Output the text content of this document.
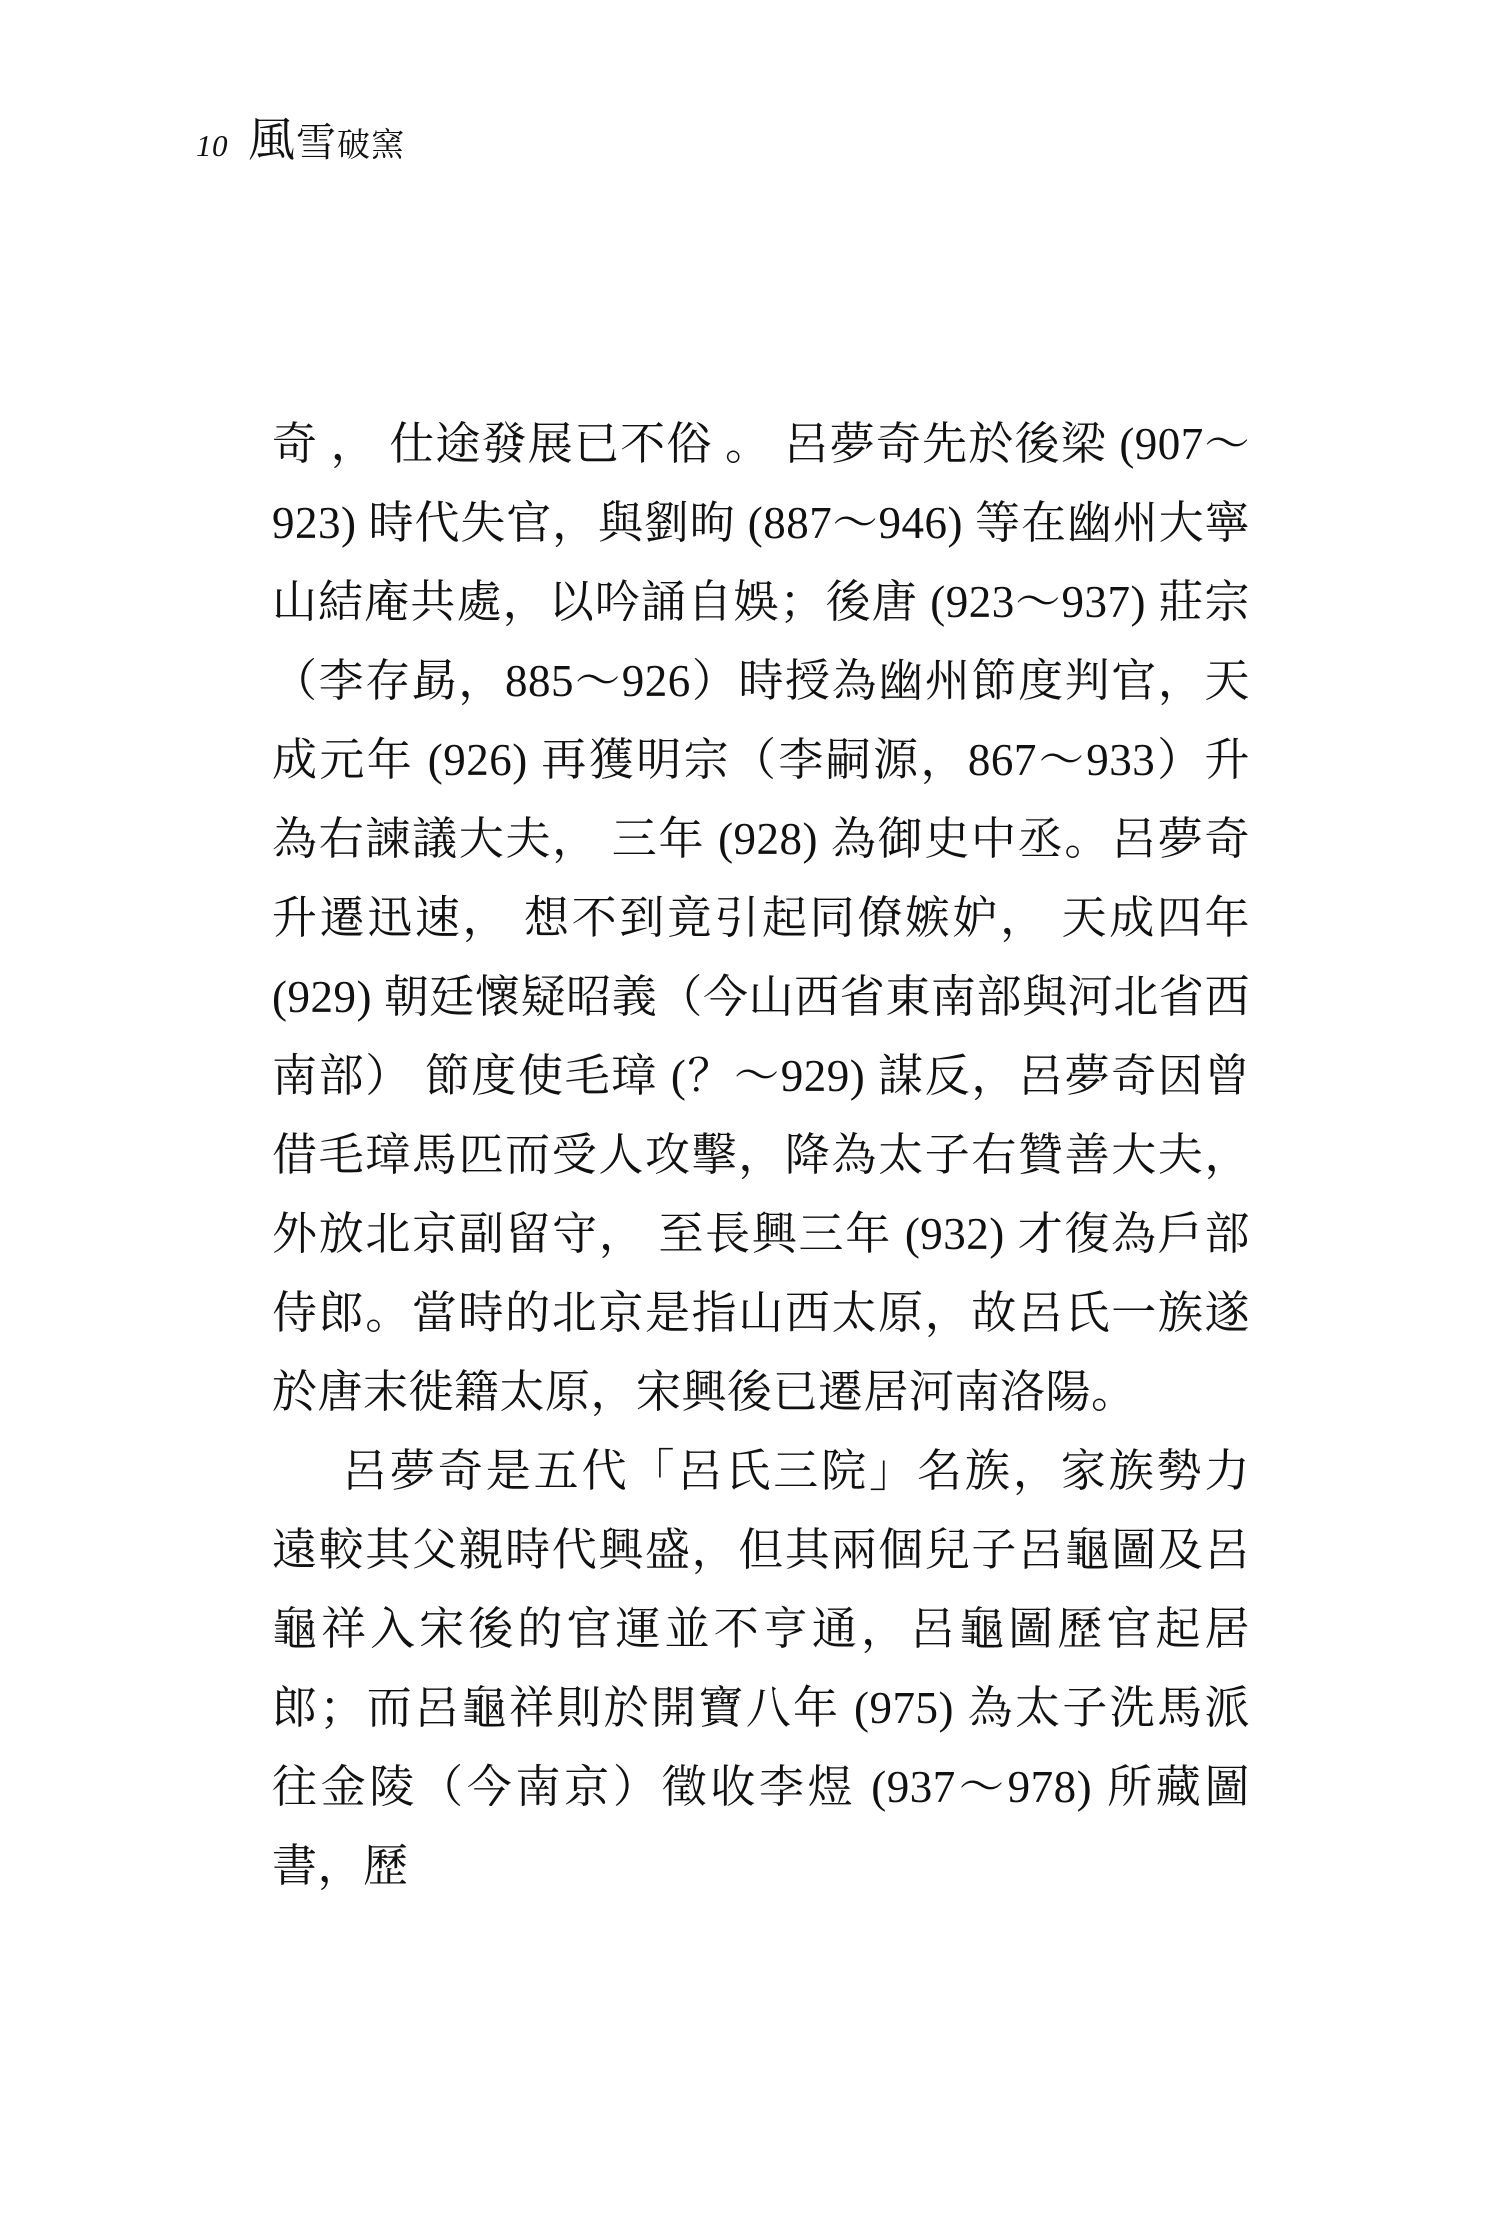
10 風 雪 破窯

奇 ， 仕途發展已不俗 。 呂夢奇先於後梁 (907〜923) 時代失官，與劉昫 (887〜946) 等在幽州大寧山結庵共處，以吟誦自娛；後唐 (923〜937) 莊宗（李存勗，885〜926）時授為幽州節度判官，天成元年 (926) 再獲明宗（李嗣源，867〜933）升為右諫議大夫， 三年 (928) 為御史中丞。呂夢奇升遷迅速， 想不到竟引起同僚嫉妒， 天成四年 (929) 朝廷懷疑昭義（今山西省東南部與河北省西南部） 節度使毛璋 (？〜929) 謀反，呂夢奇因曾借毛璋馬匹而受人攻擊，降為太子右贊善大夫，外放北京副留守， 至長興三年 (932) 才復為戶部侍郎。當時的北京是指山西太原，故呂氏一族遂於唐末徙籍太原，宋興後已遷居河南洛陽。

呂夢奇是五代「呂氏三院」名族，家族勢力遠較其父親時代興盛，但其兩個兒子呂龜圖及呂龜祥入宋後的官運並不亨通，呂龜圖歷官起居郎；而呂龜祥則於開寶八年 (975) 為太子洗馬派往金陵（今南京）徵收李煜 (937〜978) 所藏圖書，歷
